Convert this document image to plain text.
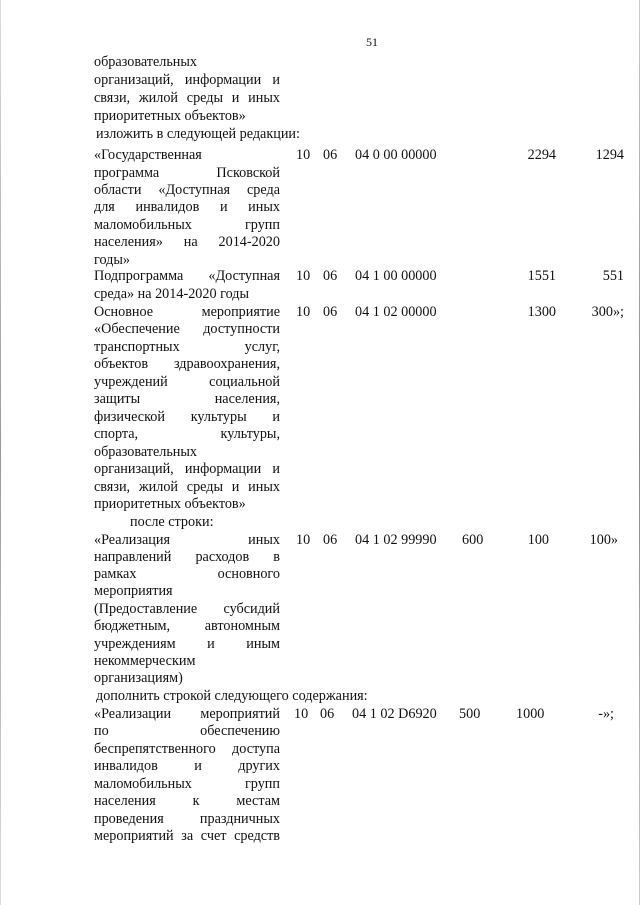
51
образовательных
организаций, информации и
связи, жилой среды и иных
приоритетных объектов»
изложить в следующей редакции:
«Государственная
программа Псковской
области «Доступная среда
для инвалидов и иных
маломобильных групп
населения» на 2014-2020
годы»
10 06 04 0 00 00000	2294	1294
Подпрограмма «Доступная
среда» на 2014-2020 годы
10 06 04 1 00 00000	1551	551
Основное мероприятие
«Обеспечение доступности
транспортных услуг,
объектов здравоохранения,
учреждений социальной
защиты населения,
физической культуры и
спорта, культуры,
образовательных
организаций, информации и
связи, жилой среды и иных
приоритетных объектов»
10 06 04 1 02 00000	1300	300»;
после строки:
«Реализация иных
направлений расходов в
рамках основного
мероприятия
(Предоставление субсидий
бюджетным, автономным
учреждениям и иным
некоммерческим
организациям)
10 06 04 1 02 99990 600	100	100»
дополнить строкой следующего содержания:
«Реализации мероприятий
по обеспечению
беспрепятственного доступа
инвалидов и других
маломобильных групп
населения к местам
проведения праздничных
мероприятий за счет средств
10 06 04 1 02 D6920 500	1000	-»;
